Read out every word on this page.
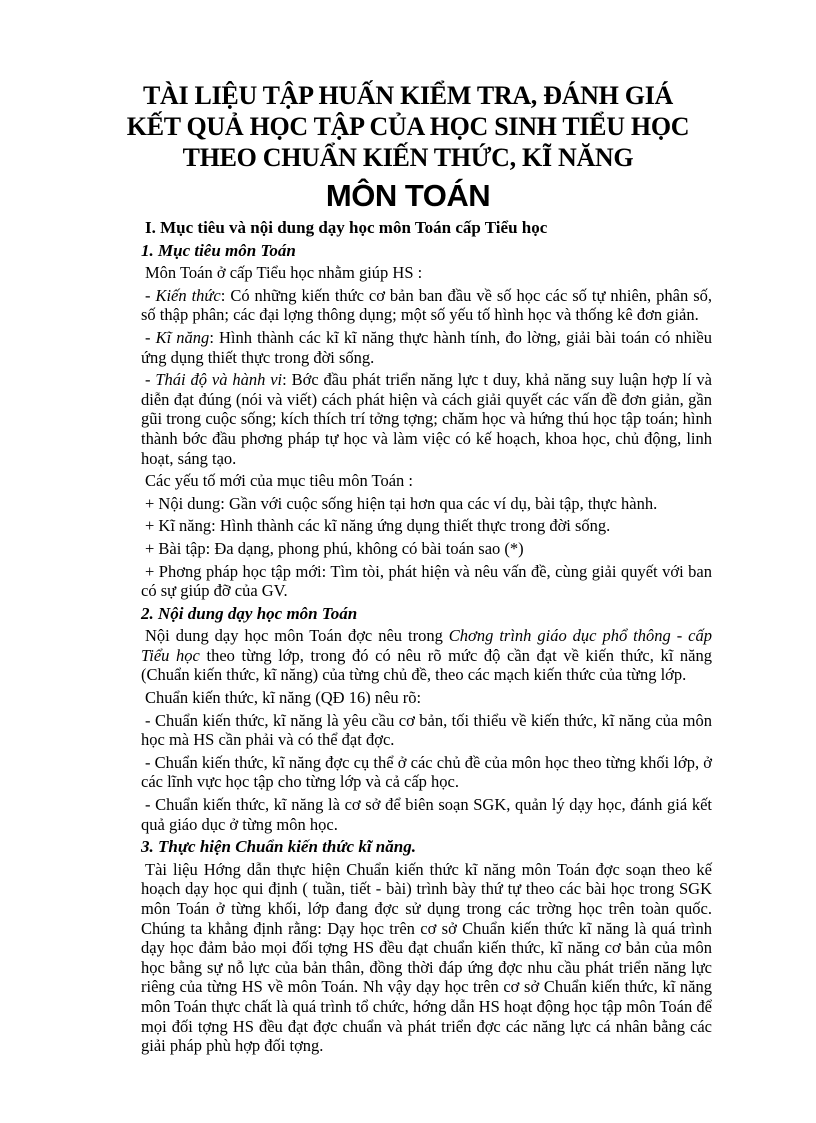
TÀI LIỆU TẬP HUẤN KIỂM TRA, ĐÁNH GIÁ
KẾT QUẢ HỌC TẬP CỦA HỌC SINH TIỂU HỌC
THEO CHUẨN KIẾN THỨC, KĨ NĂNG
MÔN TOÁN
I. Mục tiêu và nội dung dạy học môn Toán cấp Tiểu học
1. Mục tiêu môn Toán

Môn Toán ở cấp Tiểu học nhằm giúp HS :

- Kiến thức: Có những kiến thức cơ bản ban đầu về số học các số tự nhiên, phân số, số thập phân; các đại lợng thông dụng; một số yếu tố hình học và thống kê đơn giản.

- Kĩ năng: Hình thành các kĩ kĩ năng thực hành tính, đo lờng, giải bài toán có nhiều ứng dụng thiết thực trong đời sống.

- Thái độ và hành vi: Bớc đầu phát triển năng lực t duy, khả năng suy luận hợp lí và diễn đạt đúng (nói và viết) cách phát hiện và cách giải quyết các vấn đề đơn giản, gần gũi trong cuộc sống; kích thích trí tởng tợng; chăm học và hứng thú học tập toán; hình thành bớc đầu phơng pháp tự học và làm việc có kế hoạch, khoa học, chủ động, linh hoạt, sáng tạo.

Các yếu tố mới của mục tiêu môn Toán :

+ Nội dung: Gần với cuộc sống hiện tại hơn qua các ví dụ, bài tập, thực hành.

+ Kĩ năng: Hình thành các kĩ năng ứng dụng thiết thực trong đời sống.

+ Bài tập: Đa dạng, phong phú, không có bài toán sao (*)

+ Phơng pháp học tập mới: Tìm tòi, phát hiện và nêu vấn đề, cùng giải quyết với ban có sự giúp đỡ của GV.

2. Nội dung dạy học môn Toán

Nội dung dạy học môn Toán đợc nêu trong Chơng trình giáo dục phổ thông - cấp Tiểu học theo từng lớp, trong đó có nêu rõ mức độ cần đạt về kiến thức, kĩ năng (Chuẩn kiến thức, kĩ năng) của từng chủ đề, theo các mạch kiến thức của từng lớp.

Chuẩn kiến thức, kĩ năng (QĐ 16) nêu rõ:

- Chuẩn kiến thức, kĩ năng là yêu cầu cơ bản, tối thiểu về kiến thức, kĩ năng của môn học mà HS cần phải và có thể đạt đợc.

- Chuẩn kiến thức, kĩ năng đợc cụ thể ở các chủ đề của môn học theo từng khối lớp, ở các lĩnh vực học tập cho từng lớp và cả cấp học.

- Chuẩn kiến thức, kĩ năng là cơ sở để biên soạn SGK, quản lý dạy học, đánh giá kết quả giáo dục ở từng môn học.

3. Thực hiện Chuẩn kiến thức kĩ năng.

Tài liệu Hớng dẫn thực hiện Chuẩn kiến thức kĩ năng môn Toán đợc soạn theo kế hoạch dạy học qui định ( tuần, tiết - bài) trình bày thứ tự theo các bài học trong SGK môn Toán ở từng khối, lớp đang đợc sử dụng trong các trờng học trên toàn quốc. Chúng ta khẳng định rằng: Dạy học trên cơ sở Chuẩn kiến thức kĩ năng là quá trình dạy học đảm bảo mọi đối tợng HS đều đạt chuẩn kiến thức, kĩ năng cơ bản của môn học bằng sự nỗ lực của bản thân, đồng thời đáp ứng đợc nhu cầu phát triển năng lực riêng của từng HS về môn Toán. Nh vậy dạy học trên cơ sở Chuẩn kiến thức, kĩ năng môn Toán thực chất là quá trình tổ chức, hớng dẫn HS hoạt động học tập môn Toán để mọi đối tợng HS đều đạt đợc chuẩn và phát triển đợc các năng lực cá nhân bằng các giải pháp phù hợp đối tợng.
